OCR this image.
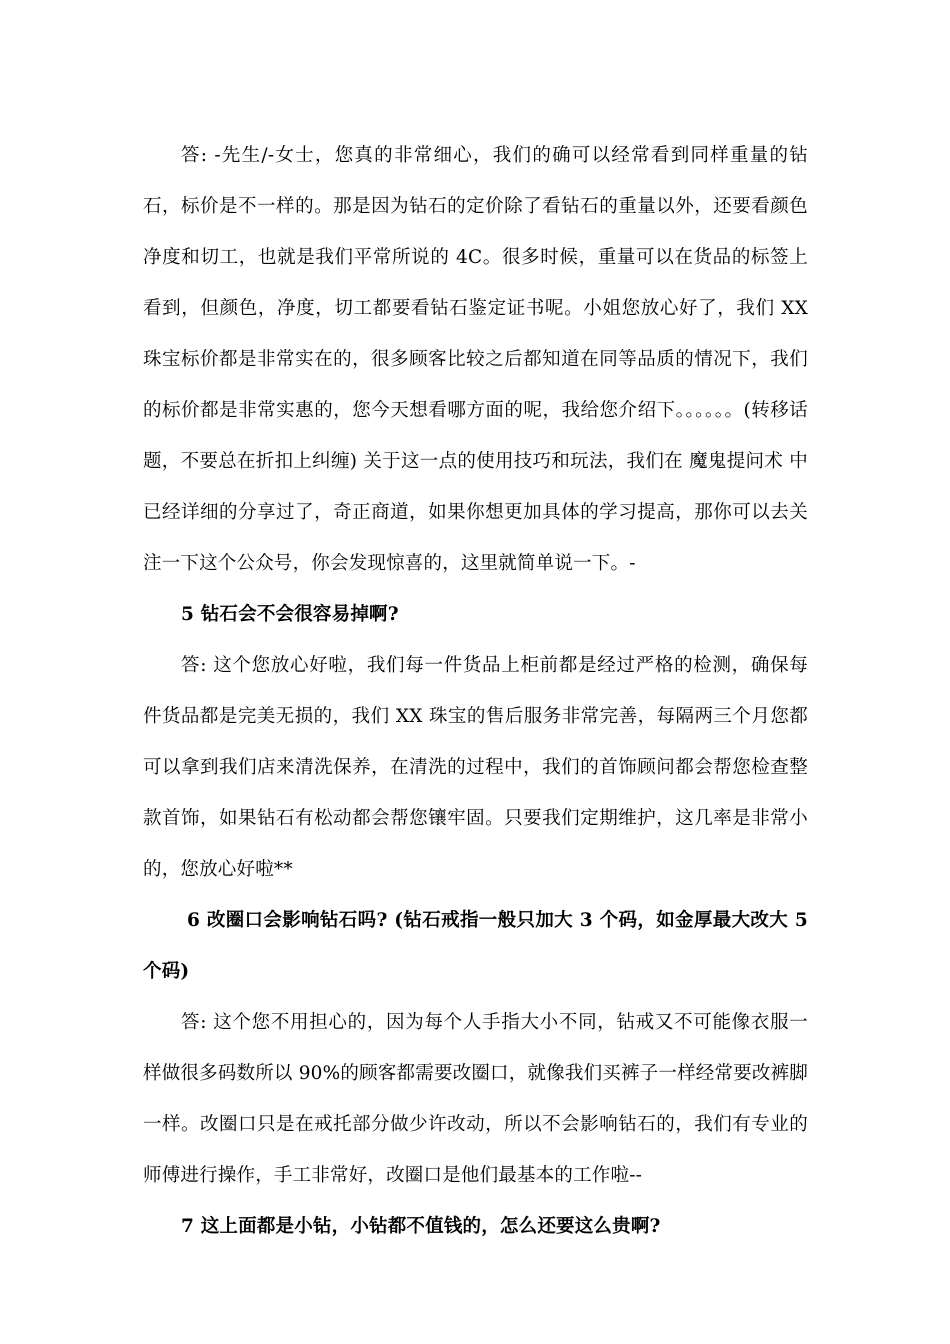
答: -先生/-女士，您真的非常细心，我们的确可以经常看到同样重量的钻石，标价是不一样的。那是因为钻石的定价除了看钻石的重量以外，还要看颜色净度和切工，也就是我们平常所说的 4C。很多时候，重量可以在货品的标签上看到，但颜色，净度，切工都要看钻石鉴定证书呢。小姐您放心好了，我们 XX 珠宝标价都是非常实在的，很多顾客比较之后都知道在同等品质的情况下，我们的标价都是非常实惠的，您今天想看哪方面的呢，我给您介绍下。。。。。。(转移话题，不要总在折扣上纠缠) 关于这一点的使用技巧和玩法，我们在 魔鬼提问术 中已经详细的分享过了，奇正商道，如果你想更加具体的学习提高，那你可以去关注一下这个公众号，你会发现惊喜的，这里就简单说一下。-

5 钻石会不会很容易掉啊?

答: 这个您放心好啦，我们每一件货品上柜前都是经过严格的检测，确保每件货品都是完美无损的，我们 XX 珠宝的售后服务非常完善，每隔两三个月您都可以拿到我们店来清洗保养，在清洗的过程中，我们的首饰顾问都会帮您检查整款首饰，如果钻石有松动都会帮您镶牢固。只要我们定期维护，这几率是非常小的，您放心好啦**

6 改圈口会影响钻石吗? (钻石戒指一般只加大 3 个码，如金厚最大改大 5 个码)

答: 这个您不用担心的，因为每个人手指大小不同，钻戒又不可能像衣服一样做很多码数所以 90%的顾客都需要改圈口，就像我们买裤子一样经常要改裤脚一样。改圈口只是在戒托部分做少许改动，所以不会影响钻石的，我们有专业的师傅进行操作，手工非常好，改圈口是他们最基本的工作啦--

7 这上面都是小钻，小钻都不值钱的，怎么还要这么贵啊?
